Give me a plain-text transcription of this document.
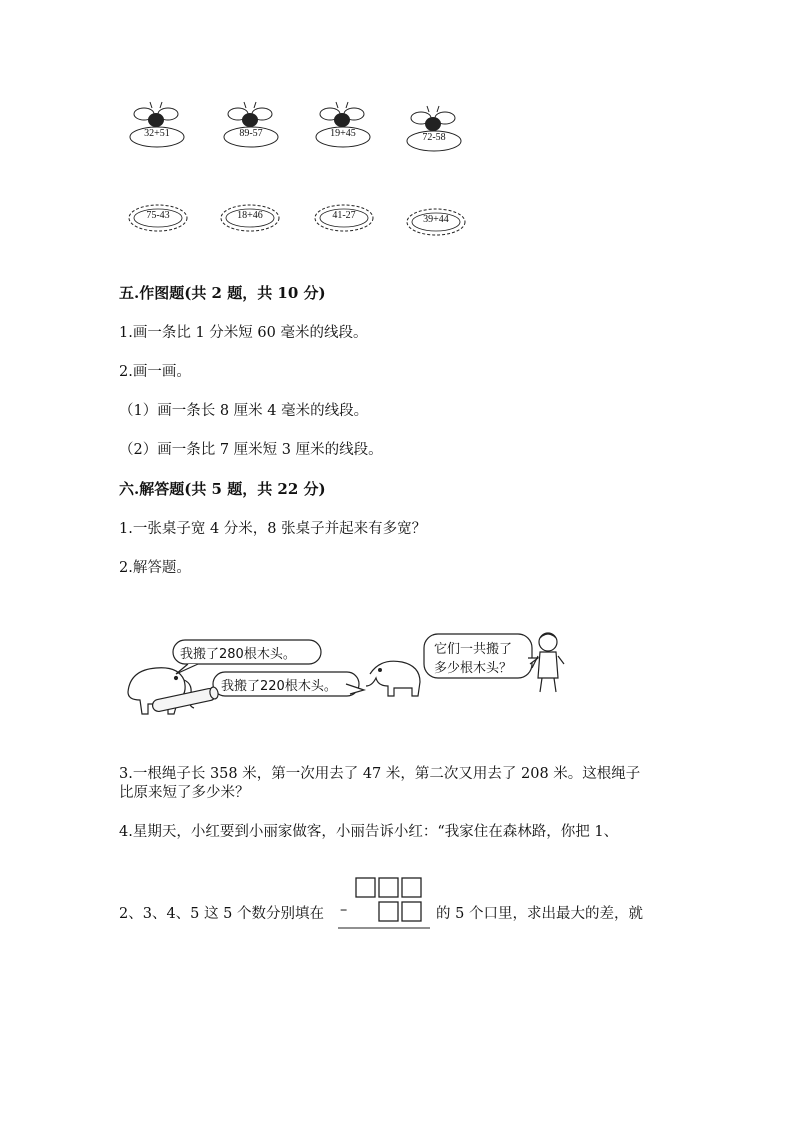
32+51	89-57	19+45	72-58
75-43	18+46	41-27	39+44
五.作图题(共 2 题，共 10 分)
1.画一条比 1 分米短 60 毫米的线段。
2.画一画。
（1）画一条长 8 厘米 4 毫米的线段。
（2）画一条比 7 厘米短 3 厘米的线段。
六.解答题(共 5 题，共 22 分)
1.一张桌子宽 4 分米，8 张桌子并起来有多宽？
2.解答题。
我搬了280根木头。
我搬了220根木头。
它们一共搬了
多少根木头？
3.一根绳子长 358 米，第一次用去了 47 米，第二次又用去了 208 米。这根绳子
比原来短了多少米？
4.星期天，小红要到小丽家做客，小丽告诉小红：“我家住在森林路，你把 1、
2、3、4、5 这 5 个数分别填在 –	的 5 个口里，求出最大的差，就
